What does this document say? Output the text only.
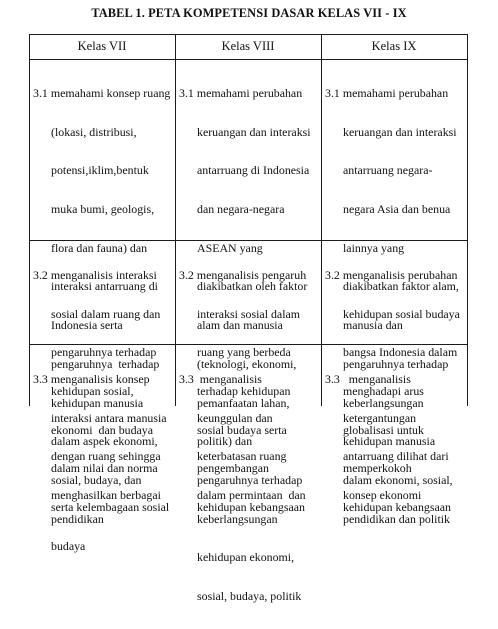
TABEL 1. PETA KOMPETENSI DASAR KELAS VII - IX
Kelas VII	Kelas VIII	Kelas IX

3.1 memahami konsep ruang

(lokasi, distribusi,

potensi,iklim,bentuk

muka bumi, geologis,

flora dan fauna) dan

interaksi antarruang di

Indonesia serta

pengaruhnya  terhadap

kehidupan manusia

dalam aspek ekonomi,

sosial, budaya, dan

pendidikan

3.1 memahami perubahan

keruangan dan interaksi

antarruang di Indonesia

dan negara-negara

ASEAN yang

diakibatkan oleh faktor

alam dan manusia

(teknologi, ekonomi,

pemanfaatan lahan,

politik) dan

pengaruhnya terhadap

keberlangsungan

kehidupan ekonomi,

sosial, budaya, politik

3.1 memahami perubahan

keruangan dan interaksi

antarruang negara-

negara Asia dan benua

lainnya yang

diakibatkan faktor alam,

manusia dan

pengaruhnya terhadap

keberlangsungan

kehidupan manusia

dalam ekonomi, sosial,

pendidikan dan politik

3.2 menganalisis interaksi

sosial dalam ruang dan

pengaruhnya terhadap

kehidupan sosial,

ekonomi  dan budaya

dalam nilai dan norma

serta kelembagaan sosial

budaya

3.2 menganalisis pengaruh

interaksi sosial dalam

ruang yang berbeda

terhadap kehidupan

sosial budaya serta

pengembangan

kehidupan kebangsaan

3.2 menganalisis perubahan

kehidupan sosial budaya

bangsa Indonesia dalam

menghadapi arus

globalisasi untuk

memperkokoh

kehidupan kebangsaan

3.3 menganalisis konsep

interaksi antara manusia

dengan ruang sehingga

menghasilkan berbagai

3.3  menganalisis

keunggulan dan

keterbatasan ruang

dalam permintaan  dan

3.3   menganalisis

ketergantungan

antarruang dilihat dari

konsep ekonomi
